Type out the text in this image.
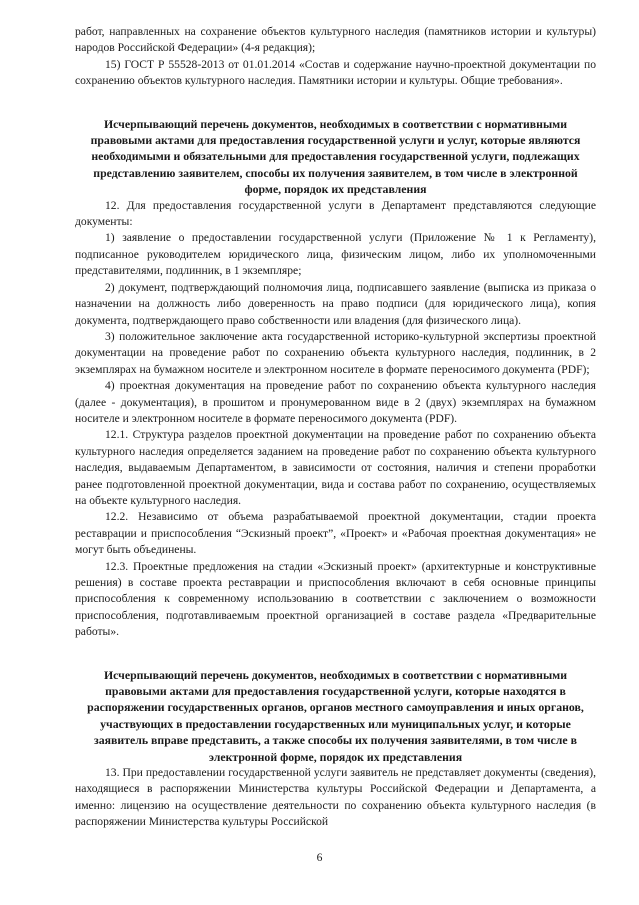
работ, направленных на сохранение объектов культурного наследия (памятников истории и культуры) народов Российской Федерации» (4-я редакция);

15) ГОСТ Р 55528-2013 от 01.01.2014 «Состав и содержание научно-проектной документации по сохранению объектов культурного наследия. Памятники истории и культуры. Общие требования».

Исчерпывающий перечень документов, необходимых в соответствии с нормативными правовыми актами для предоставления государственной услуги и услуг, которые являются необходимыми и обязательными для предоставления государственной услуги, подлежащих представлению заявителем, способы их получения заявителем, в том числе в электронной форме, порядок их представления

12. Для предоставления государственной услуги в Департамент представляются следующие документы:

1) заявление о предоставлении государственной услуги (Приложение № 1 к Регламенту), подписанное руководителем юридического лица, физическим лицом, либо их уполномоченными представителями, подлинник, в 1 экземпляре;

2) документ, подтверждающий полномочия лица, подписавшего заявление (выписка из приказа о назначении на должность либо доверенность на право подписи (для юридического лица), копия документа, подтверждающего право собственности или владения (для физического лица).

3) положительное заключение акта государственной историко-культурной экспертизы проектной документации на проведение работ по сохранению объекта культурного наследия, подлинник, в 2 экземплярах на бумажном носителе и электронном носителе в формате переносимого документа (PDF);

4) проектная документация на проведение работ по сохранению объекта культурного наследия (далее - документация), в прошитом и пронумерованном виде в 2 (двух) экземплярах на бумажном носителе и электронном носителе в формате переносимого документа (PDF).

12.1. Структура разделов проектной документации на проведение работ по сохранению объекта культурного наследия определяется заданием на проведение работ по сохранению объекта культурного наследия, выдаваемым Департаментом, в зависимости от состояния, наличия и степени проработки ранее подготовленной проектной документации, вида и состава работ по сохранению, осуществляемых на объекте культурного наследия.

12.2. Независимо от объема разрабатываемой проектной документации, стадии проекта реставрации и приспособления “Эскизный проект”, «Проект» и «Рабочая проектная документация» не могут быть объединены.

12.3. Проектные предложения на стадии «Эскизный проект» (архитектурные и конструктивные решения) в составе проекта реставрации и приспособления включают в себя основные принципы приспособления к современному использованию в соответствии с заключением о возможности приспособления, подготавливаемым проектной организацией в составе раздела «Предварительные работы».

Исчерпывающий перечень документов, необходимых в соответствии с нормативными правовыми актами для предоставления государственной услуги, которые находятся в распоряжении государственных органов, органов местного самоуправления и иных органов, участвующих в предоставлении государственных или муниципальных услуг, и которые заявитель вправе представить, а также способы их получения заявителями, в том числе в электронной форме, порядок их представления

13. При предоставлении государственной услуги заявитель не представляет документы (сведения), находящиеся в распоряжении Министерства культуры Российской Федерации и Департамента, а именно: лицензию на осуществление деятельности по сохранению объекта культурного наследия (в распоряжении Министерства культуры Российской

6
